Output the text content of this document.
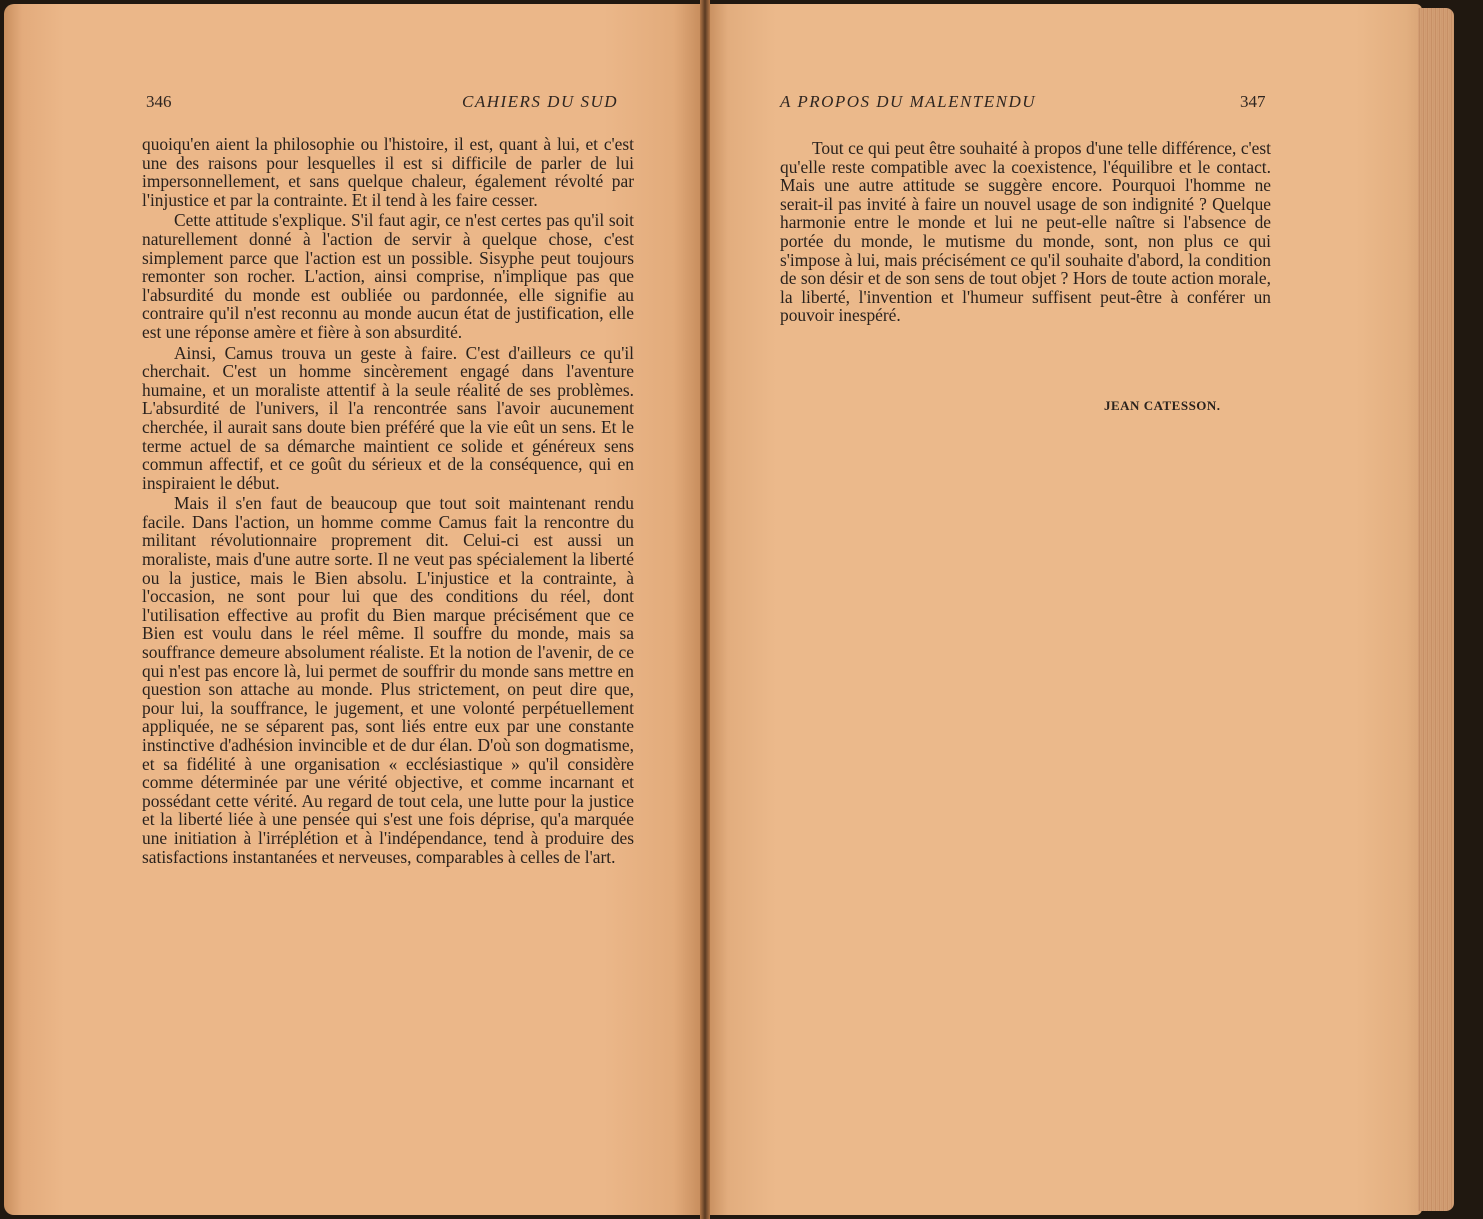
346	CAHIERS DU SUD	A PROPOS DU MALENTENDU	347

quoiqu'en aient la philosophie ou l'histoire, il est, quant à lui, et c'est une des raisons pour lesquelles il est si difficile de parler de lui impersonnellement, et sans quelque chaleur, également révolté par l'injustice et par la contrainte. Et il tend à les faire cesser.

Cette attitude s'explique. S'il faut agir, ce n'est certes pas qu'il soit naturellement donné à l'action de servir à quelque chose, c'est simplement parce que l'action est un possible. Sisyphe peut toujours remonter son rocher. L'action, ainsi comprise, n'implique pas que l'absurdité du monde est oubliée ou pardonnée, elle signifie au contraire qu'il n'est reconnu au monde aucun état de justification, elle est une réponse amère et fière à son absurdité.

Ainsi, Camus trouva un geste à faire. C'est d'ailleurs ce qu'il cherchait. C'est un homme sincèrement engagé dans l'aventure humaine, et un moraliste attentif à la seule réalité de ses problèmes. L'absurdité de l'univers, il l'a rencontrée sans l'avoir aucunement cherchée, il aurait sans doute bien préféré que la vie eût un sens. Et le terme actuel de sa démarche maintient ce solide et généreux sens commun affectif, et ce goût du sérieux et de la conséquence, qui en inspiraient le début.

Mais il s'en faut de beaucoup que tout soit maintenant rendu facile. Dans l'action, un homme comme Camus fait la rencontre du militant révolutionnaire proprement dit. Celui-ci est aussi un moraliste, mais d'une autre sorte. Il ne veut pas spécialement la liberté ou la justice, mais le Bien absolu. L'injustice et la contrainte, à l'occasion, ne sont pour lui que des conditions du réel, dont l'utilisation effective au profit du Bien marque précisément que ce Bien est voulu dans le réel même. Il souffre du monde, mais sa souffrance demeure absolument réaliste. Et la notion de l'avenir, de ce qui n'est pas encore là, lui permet de souffrir du monde sans mettre en question son attache au monde. Plus strictement, on peut dire que, pour lui, la souffrance, le jugement, et une volonté perpétuellement appliquée, ne se séparent pas, sont liés entre eux par une constante instinctive d'adhésion invincible et de dur élan. D'où son dogmatisme, et sa fidélité à une organisation « ecclésiastique » qu'il considère comme déterminée par une vérité objective, et comme incarnant et possédant cette vérité. Au regard de tout cela, une lutte pour la justice et la liberté liée à une pensée qui s'est une fois déprise, qu'a marquée une initiation à l'irréplétion et à l'indépendance, tend à produire des satisfactions instantanées et nerveuses, comparables à celles de l'art.

Tout ce qui peut être souhaité à propos d'une telle différence, c'est qu'elle reste compatible avec la coexistence, l'équilibre et le contact. Mais une autre attitude se suggère encore. Pourquoi l'homme ne serait-il pas invité à faire un nouvel usage de son indignité ? Quelque harmonie entre le monde et lui ne peut-elle naître si l'absence de portée du monde, le mutisme du monde, sont, non plus ce qui s'impose à lui, mais précisément ce qu'il souhaite d'abord, la condition de son désir et de son sens de tout objet ? Hors de toute action morale, la liberté, l'invention et l'humeur suffisent peut-être à conférer un pouvoir inespéré.

JEAN CATESSON.
